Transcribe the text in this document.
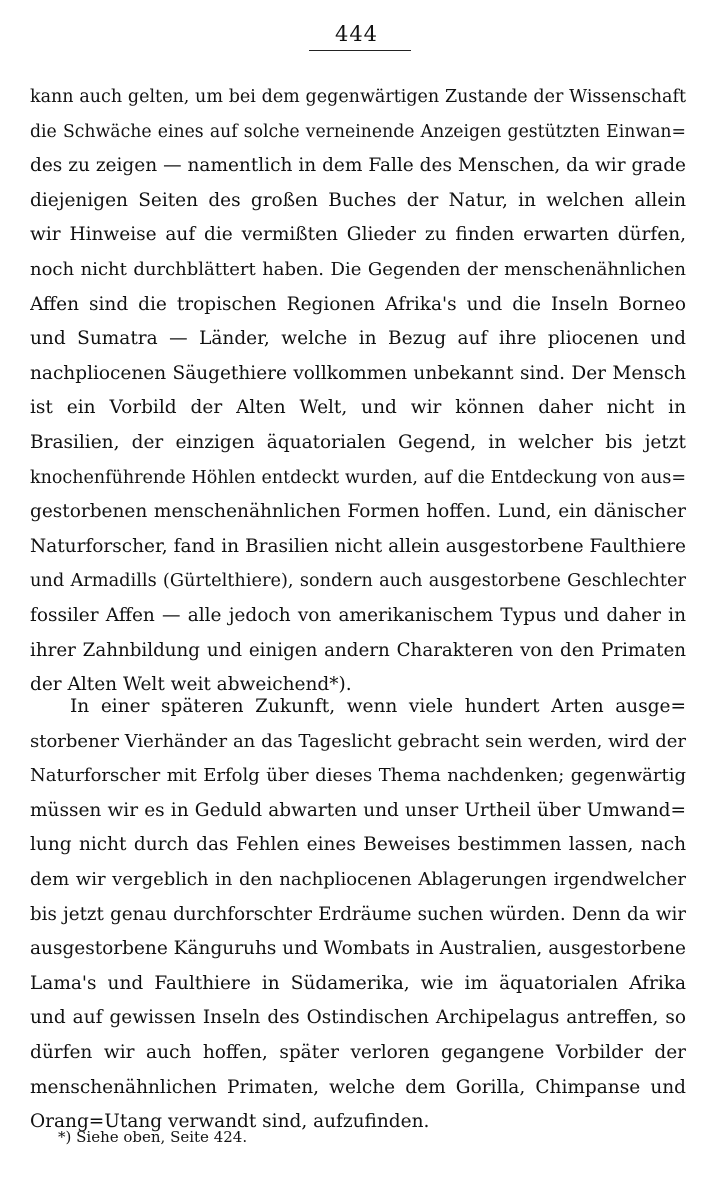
444
kann auch gelten, um bei dem gegenwärtigen Zustande der Wissenschaft
die Schwäche eines auf solche verneinende Anzeigen gestützten Einwan=
des zu zeigen — namentlich in dem Falle des Menschen, da wir grade
diejenigen Seiten des großen Buches der Natur, in welchen allein
wir Hinweise auf die vermißten Glieder zu finden erwarten dürfen,
noch nicht durchblättert haben. Die Gegenden der menschenähnlichen
Affen sind die tropischen Regionen Afrika's und die Inseln Borneo
und Sumatra — Länder, welche in Bezug auf ihre pliocenen und
nachpliocenen Säugethiere vollkommen unbekannt sind. Der Mensch
ist ein Vorbild der Alten Welt, und wir können daher nicht in
Brasilien, der einzigen äquatorialen Gegend, in welcher bis jetzt
knochenführende Höhlen entdeckt wurden, auf die Entdeckung von aus=
gestorbenen menschenähnlichen Formen hoffen. Lund, ein dänischer
Naturforscher, fand in Brasilien nicht allein ausgestorbene Faulthiere
und Armadills (Gürtelthiere), sondern auch ausgestorbene Geschlechter
fossiler Affen — alle jedoch von amerikanischem Typus und daher in
ihrer Zahnbildung und einigen andern Charakteren von den Primaten
der Alten Welt weit abweichend*).
In einer späteren Zukunft, wenn viele hundert Arten ausge=
storbener Vierhänder an das Tageslicht gebracht sein werden, wird der
Naturforscher mit Erfolg über dieses Thema nachdenken; gegenwärtig
müssen wir es in Geduld abwarten und unser Urtheil über Umwand=
lung nicht durch das Fehlen eines Beweises bestimmen lassen, nach
dem wir vergeblich in den nachpliocenen Ablagerungen irgendwelcher
bis jetzt genau durchforschter Erdräume suchen würden. Denn da wir
ausgestorbene Känguruhs und Wombats in Australien, ausgestorbene
Lama's und Faulthiere in Südamerika, wie im äquatorialen Afrika
und auf gewissen Inseln des Ostindischen Archipelagus antreffen, so
dürfen wir auch hoffen, später verloren gegangene Vorbilder der
menschenähnlichen Primaten, welche dem Gorilla, Chimpanse und
Orang=Utang verwandt sind, aufzufinden.
*) Siehe oben, Seite 424.
